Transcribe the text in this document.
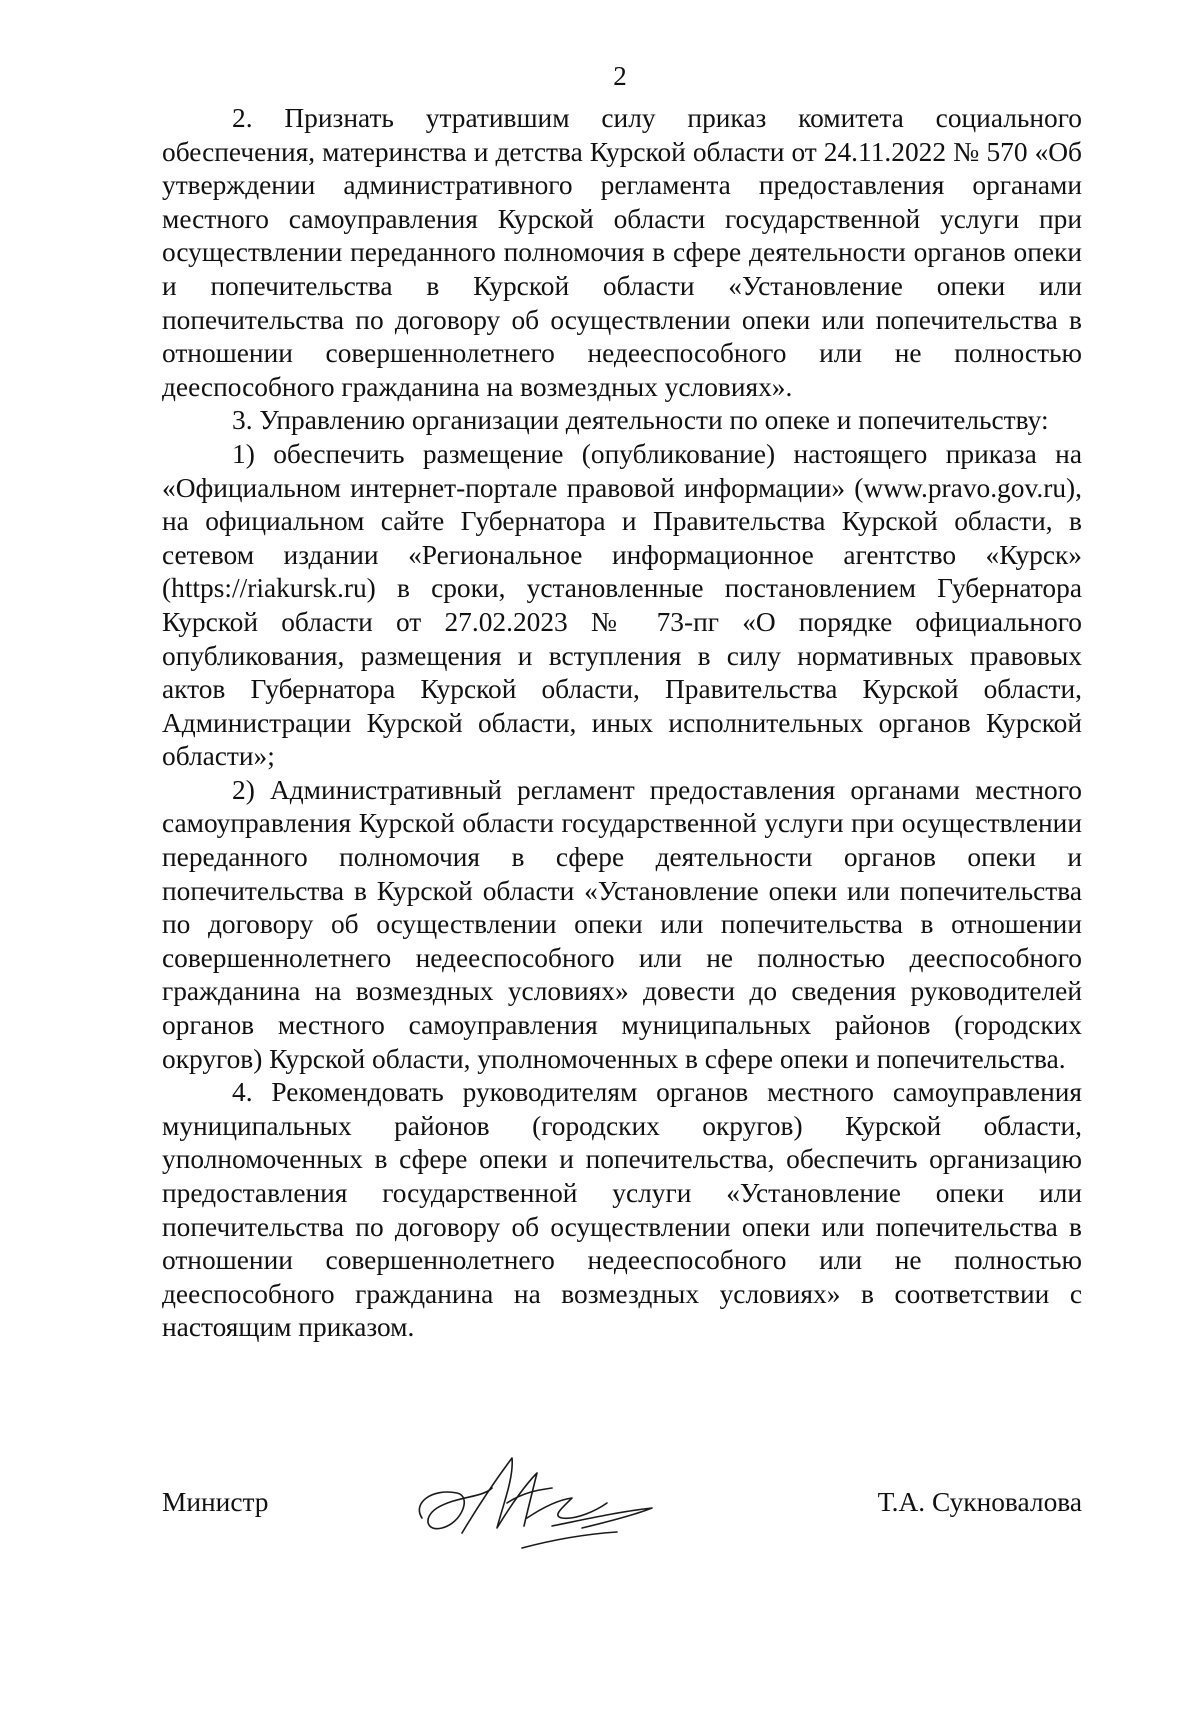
2

2. Признать утратившим силу приказ комитета социального обеспечения, материнства и детства Курской области от 24.11.2022 № 570 «Об утверждении административного регламента предоставления органами местного самоуправления Курской области государственной услуги при осуществлении переданного полномочия в сфере деятельности органов опеки и попечительства в Курской области «Установление опеки или попечительства по договору об осуществлении опеки или попечительства в отношении совершеннолетнего недееспособного или не полностью дееспособного гражданина на возмездных условиях».

3. Управлению организации деятельности по опеке и попечительству:

1) обеспечить размещение (опубликование) настоящего приказа на «Официальном интернет-портале правовой информации» (www.pravo.gov.ru), на официальном сайте Губернатора и Правительства Курской области, в сетевом издании «Региональное информационное агентство «Курск» (https://riakursk.ru) в сроки, установленные постановлением Губернатора Курской области от 27.02.2023 № 73-пг «О порядке официального опубликования, размещения и вступления в силу нормативных правовых актов Губернатора Курской области, Правительства Курской области, Администрации Курской области, иных исполнительных органов Курской области»;

2) Административный регламент предоставления органами местного самоуправления Курской области государственной услуги при осуществлении переданного полномочия в сфере деятельности органов опеки и попечительства в Курской области «Установление опеки или попечительства по договору об осуществлении опеки или попечительства в отношении совершеннолетнего недееспособного или не полностью дееспособного гражданина на возмездных условиях» довести до сведения руководителей органов местного самоуправления муниципальных районов (городских округов) Курской области, уполномоченных в сфере опеки и попечительства.

4. Рекомендовать руководителям органов местного самоуправления муниципальных районов (городских округов) Курской области, уполномоченных в сфере опеки и попечительства, обеспечить организацию предоставления государственной услуги «Установление опеки или попечительства по договору об осуществлении опеки или попечительства в отношении совершеннолетнего недееспособного или не полностью дееспособного гражданина на возмездных условиях» в соответствии с настоящим приказом.

Министр	Т.А. Сукновалова
